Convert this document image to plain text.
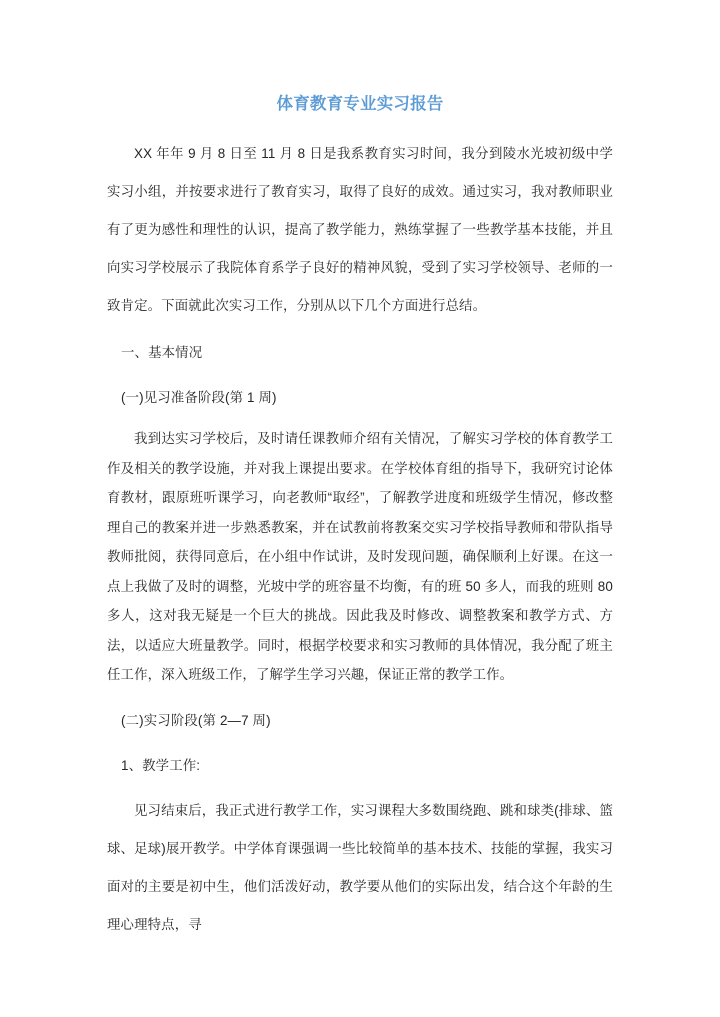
体育教育专业实习报告

XX 年年 9 月 8 日至 11 月 8 日是我系教育实习时间，我分到陵水光坡初级中学实习小组，并按要求进行了教育实习，取得了良好的成效。通过实习，我对教师职业有了更为感性和理性的认识，提高了教学能力，熟练掌握了一些教学基本技能，并且向实习学校展示了我院体育系学子良好的精神风貌，受到了实习学校领导、老师的一致肯定。下面就此次实习工作，分别从以下几个方面进行总结。

一、基本情况

(一)见习准备阶段(第 1 周)

我到达实习学校后，及时请任课教师介绍有关情况，了解实习学校的体育教学工作及相关的教学设施，并对我上课提出要求。在学校体育组的指导下，我研究讨论体育教材，跟原班听课学习，向老教师“取经”，了解教学进度和班级学生情况，修改整理自己的教案并进一步熟悉教案，并在试教前将教案交实习学校指导教师和带队指导教师批阅，获得同意后，在小组中作试讲，及时发现问题，确保顺利上好课。在这一点上我做了及时的调整，光坡中学的班容量不均衡，有的班 50 多人，而我的班则 80 多人，这对我无疑是一个巨大的挑战。因此我及时修改、调整教案和教学方式、方法，以适应大班量教学。同时，根据学校要求和实习教师的具体情况，我分配了班主任工作，深入班级工作，了解学生学习兴趣，保证正常的教学工作。

(二)实习阶段(第 2—7 周)

1、教学工作:

见习结束后，我正式进行教学工作，实习课程大多数围绕跑、跳和球类(排球、篮球、足球)展开教学。中学体育课强调一些比较简单的基本技术、技能的掌握，我实习面对的主要是初中生，他们活泼好动，教学要从他们的实际出发，结合这个年龄的生理心理特点，寻
